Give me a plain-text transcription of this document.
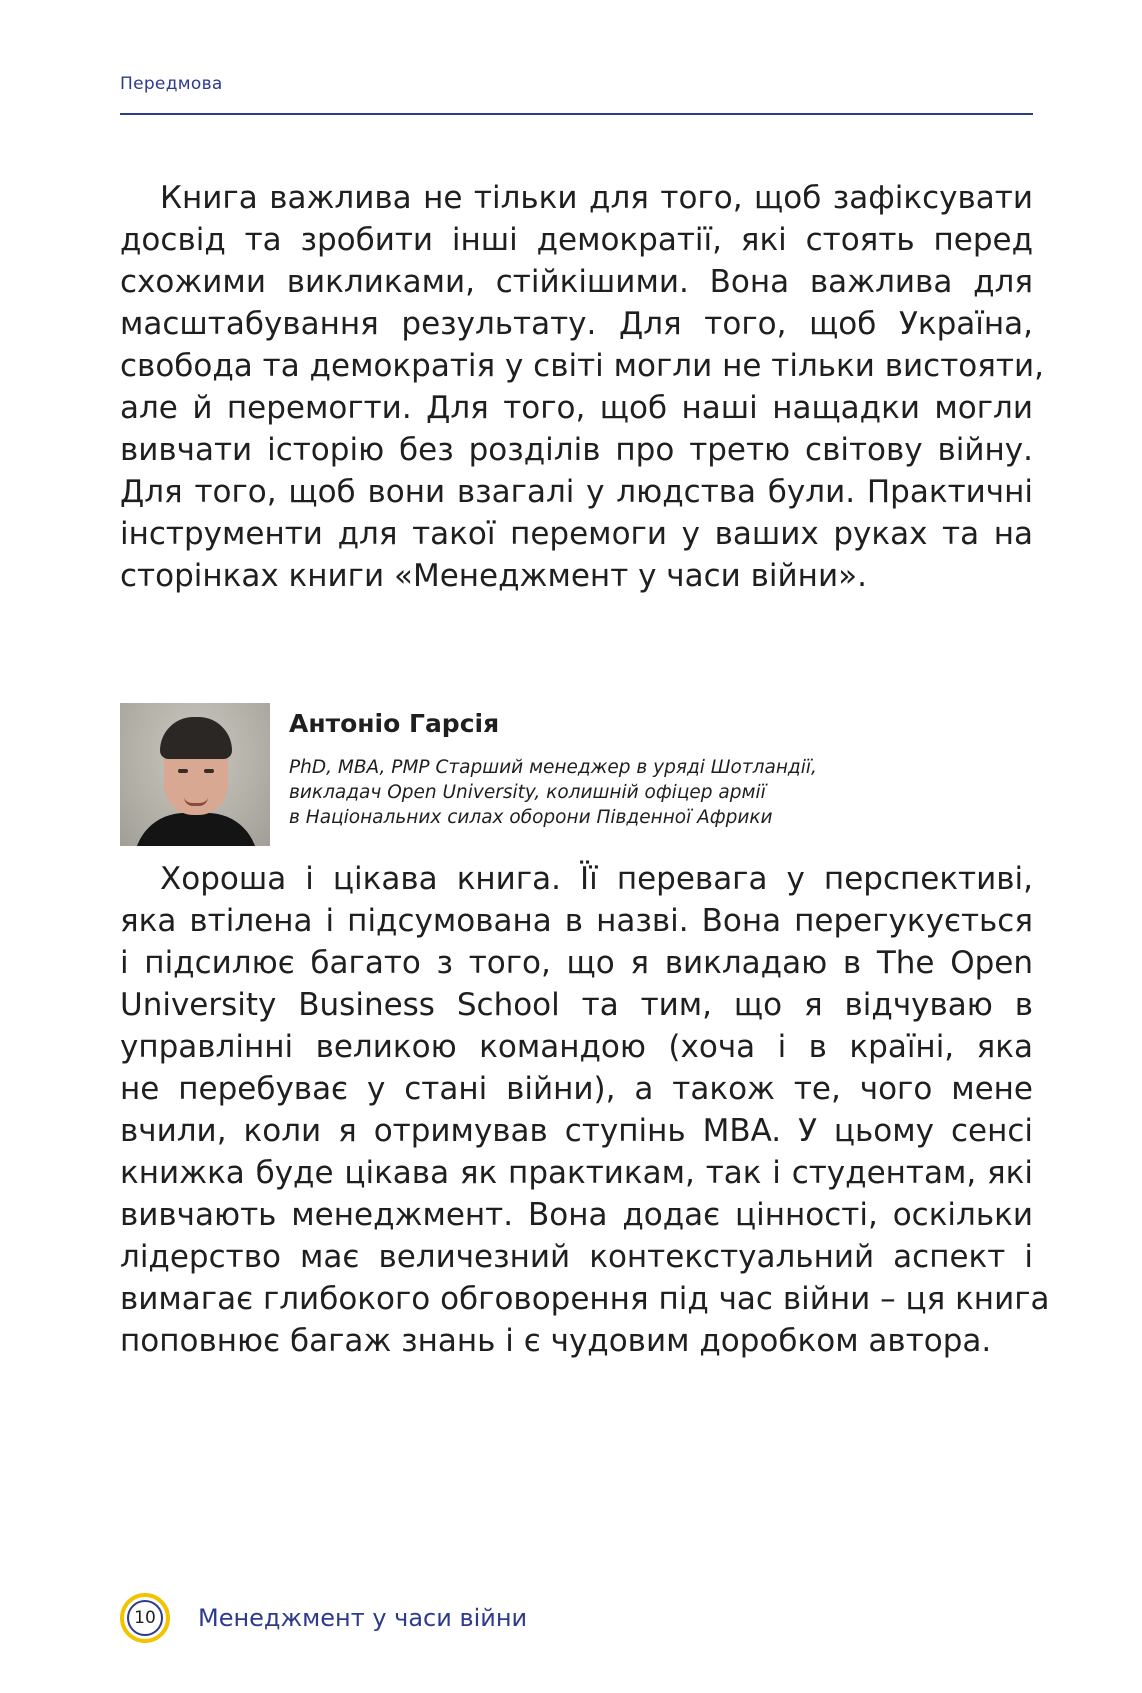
Передмова
Книга важлива не тільки для того, щоб зафіксувати
досвід та зробити інші демократії, які стоять перед
схожими викликами, стійкішими. Вона важлива для
масштабування результату. Для того, щоб Україна,
свобода та демократія у світі могли не тільки вистояти,
але й перемогти. Для того, щоб наші нащадки могли
вивчати історію без розділів про третю світову війну.
Для того, щоб вони взагалі у людства були. Практичні
інструменти для такої перемоги у ваших руках та на
сторінках книги «Менеджмент у часи війни».
Антоніо Гарсія
PhD, MBA, PMP Старший менеджер в уряді Шотландії,
викладач Open University, колишній офіцер армії
в Національних силах оборони Південної Африки
Хороша і цікава книга. Її перевага у перспективі,
яка втілена і підсумована в назві. Вона перегукується
і підсилює багато з того, що я викладаю в The Open
University Business School та тим, що я відчуваю в
управлінні великою командою (хоча і в країні, яка
не перебуває у стані війни), а також те, чого мене
вчили, коли я отримував ступінь MBA. У цьому сенсі
книжка буде цікава як практикам, так і студентам, які
вивчають менеджмент. Вона додає цінності, оскільки
лідерство має величезний контекстуальний аспект і
вимагає глибокого обговорення під час війни – ця книга
поповнює багаж знань і є чудовим доробком автора.
10 Менеджмент у часи війни
